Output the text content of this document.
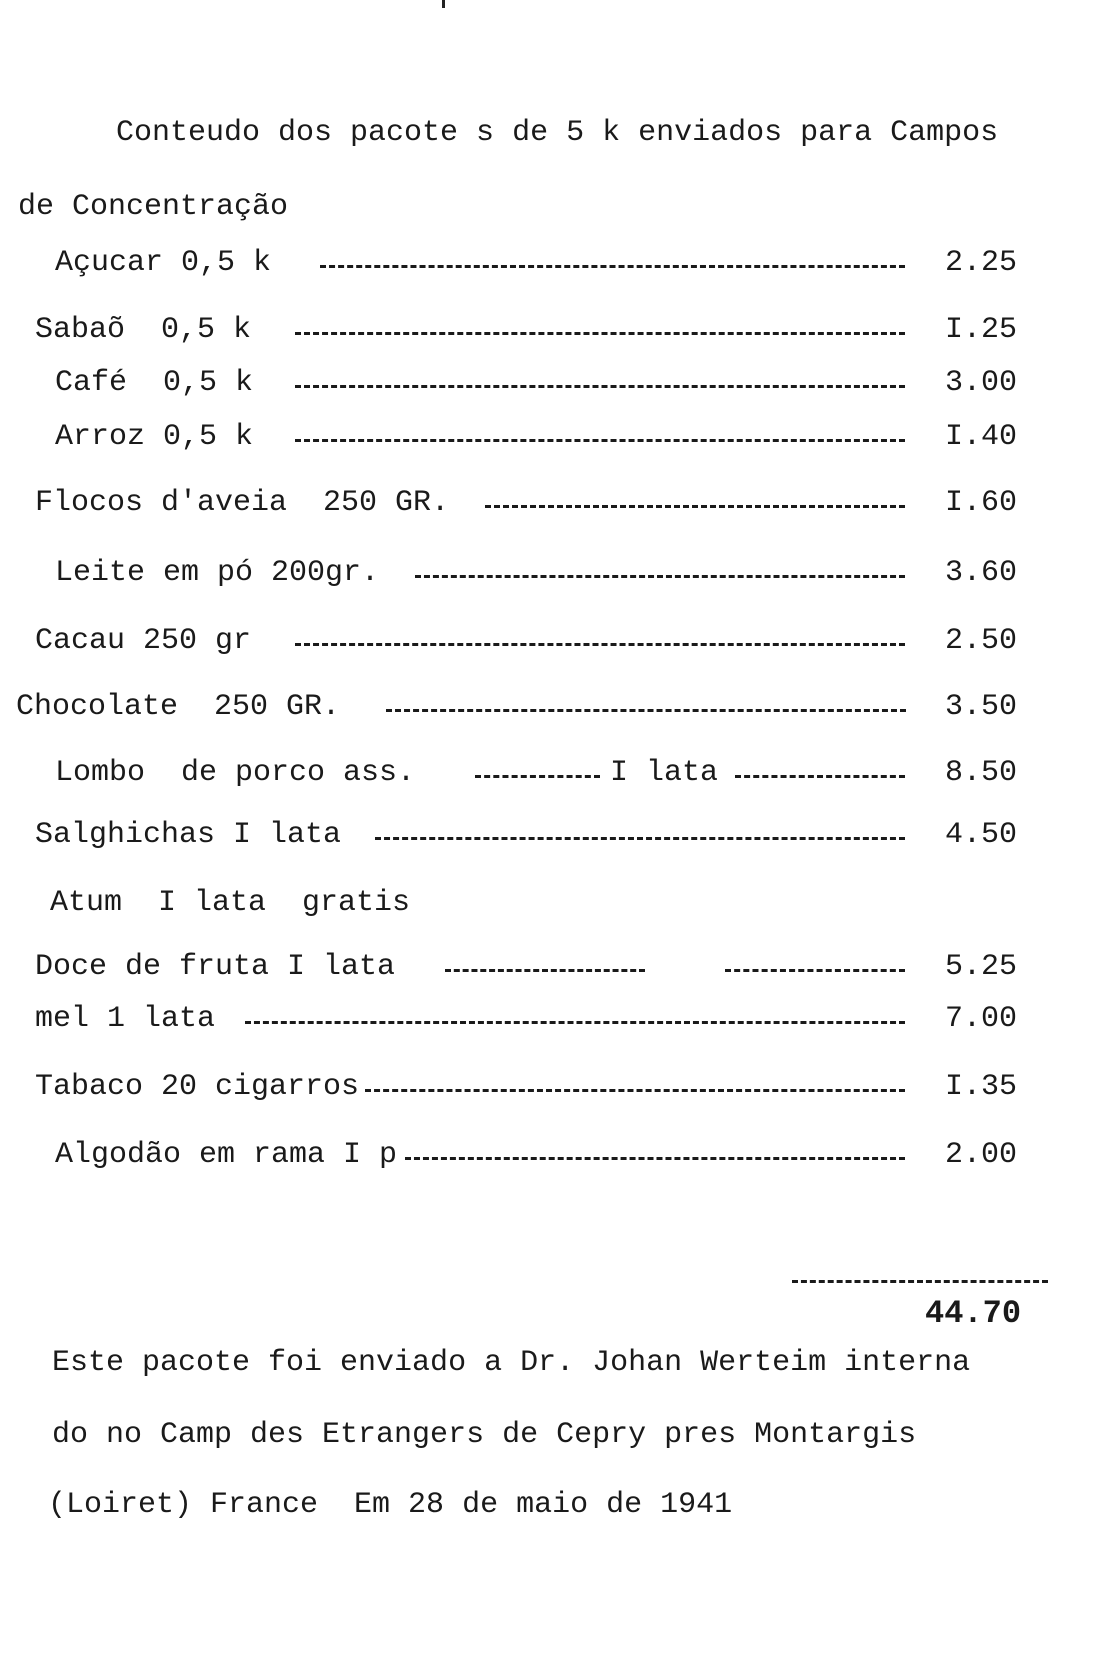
Conteudo dos pacote s de 5 k enviados para Campos
de Concentração
Açucar 0,5 k	2.25
Sabaõ  0,5 k	I.25
Café  0,5 k	3.00
Arroz 0,5 k	I.40
Flocos d'aveia  250 GR.	I.60
Leite em pó 200gr.	3.60
Cacau 250 gr	2.50
Chocolate  250 GR.	3.50
Lombo  de porco ass.	I lata	8.50
Salghichas I lata	4.50
Atum  I lata  gratis
Doce de fruta I lata	5.25
mel 1 lata	7.00
Tabaco 20 cigarros	I.35
Algodão em rama I p	2.00
44.70
Este pacote foi enviado a Dr. Johan Werteim interna
do no Camp des Etrangers de Cepry pres Montargis
(Loiret) France  Em 28 de maio de 1941
